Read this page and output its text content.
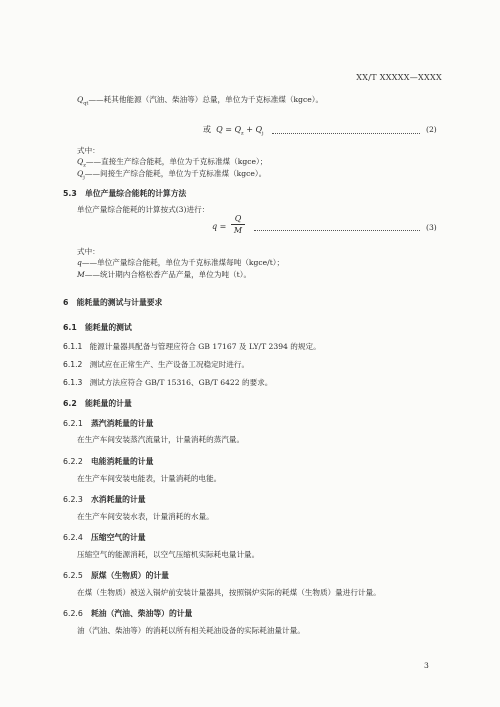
XX/T XXXXX—XXXX
$Q_{qt}——$耗其他能源（汽油、柴油等）总量，单位为千克标准煤（kgce）。
或 $Q = Q_z + Q_j$	(2)
式中：
$Q_z——$直接生产综合能耗，单位为千克标准煤（kgce）；
$Q_j——$间接生产综合能耗，单位为千克标准煤（kgce）。
5.3 单位产量综合能耗的计算方法
单位产量综合能耗的计算按式(3)进行：
q =
Q
M	(3)
式中：
q——单位产量综合能耗，单位为千克标准煤每吨（kgce/t）；
M——统计期内合格松香产品产量，单位为吨（t）。
6 能耗量的测试与计量要求
6.1 能耗量的测试
6.1.1 能源计量器具配备与管理应符合 GB 17167 及 LY/T 2394 的规定。
6.1.2 测试应在正常生产、生产设备工况稳定时进行。
6.1.3 测试方法应符合 GB/T 15316、GB/T 6422 的要求。
6.2 能耗量的计量
6.2.1 蒸汽消耗量的计量
在生产车间安装蒸汽流量计，计量消耗的蒸汽量。
6.2.2 电能消耗量的计量
在生产车间安装电能表，计量消耗的电能。
6.2.3 水消耗量的计量
在生产车间安装水表，计量消耗的水量。
6.2.4 压缩空气的计量
压缩空气的能源消耗，以空气压缩机实际耗电量计量。
6.2.5 原煤（生物质）的计量
在煤（生物质）被送入锅炉前安装计量器具，按照锅炉实际的耗煤（生物质）量进行计量。
6.2.6 耗油（汽油、柴油等）的计量
油（汽油、柴油等）的消耗以所有相关耗油设备的实际耗油量计量。
3
